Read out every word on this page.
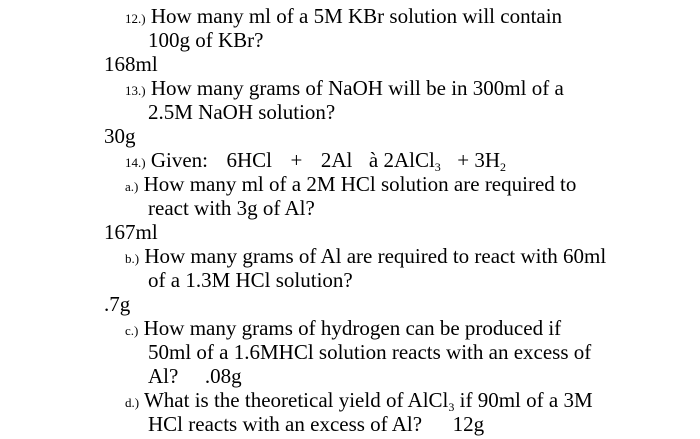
12.) How many ml of a 5M KBr solution will contain
100g of KBr?
168ml
13.) How many grams of NaOH will be in 300ml of a
2.5M NaOH solution?
30g
14.) Given: 6HCl + 2Al à 2AlCl$_3$ + $3H_2$
a.) How many ml of a 2M HCl solution are required to
react with 3g of Al?
167ml
b.) How many grams of Al are required to react with 60ml
of a 1.3M HCl solution?
.7g
c.) How many grams of hydrogen can be produced if
50ml of a 1.6MHCl solution reacts with an excess of
Al? .08g
d.) What is the theoretical yield of AlCl$_3$ if 90ml of a 3M
HCl reacts with an excess of Al? 12g
